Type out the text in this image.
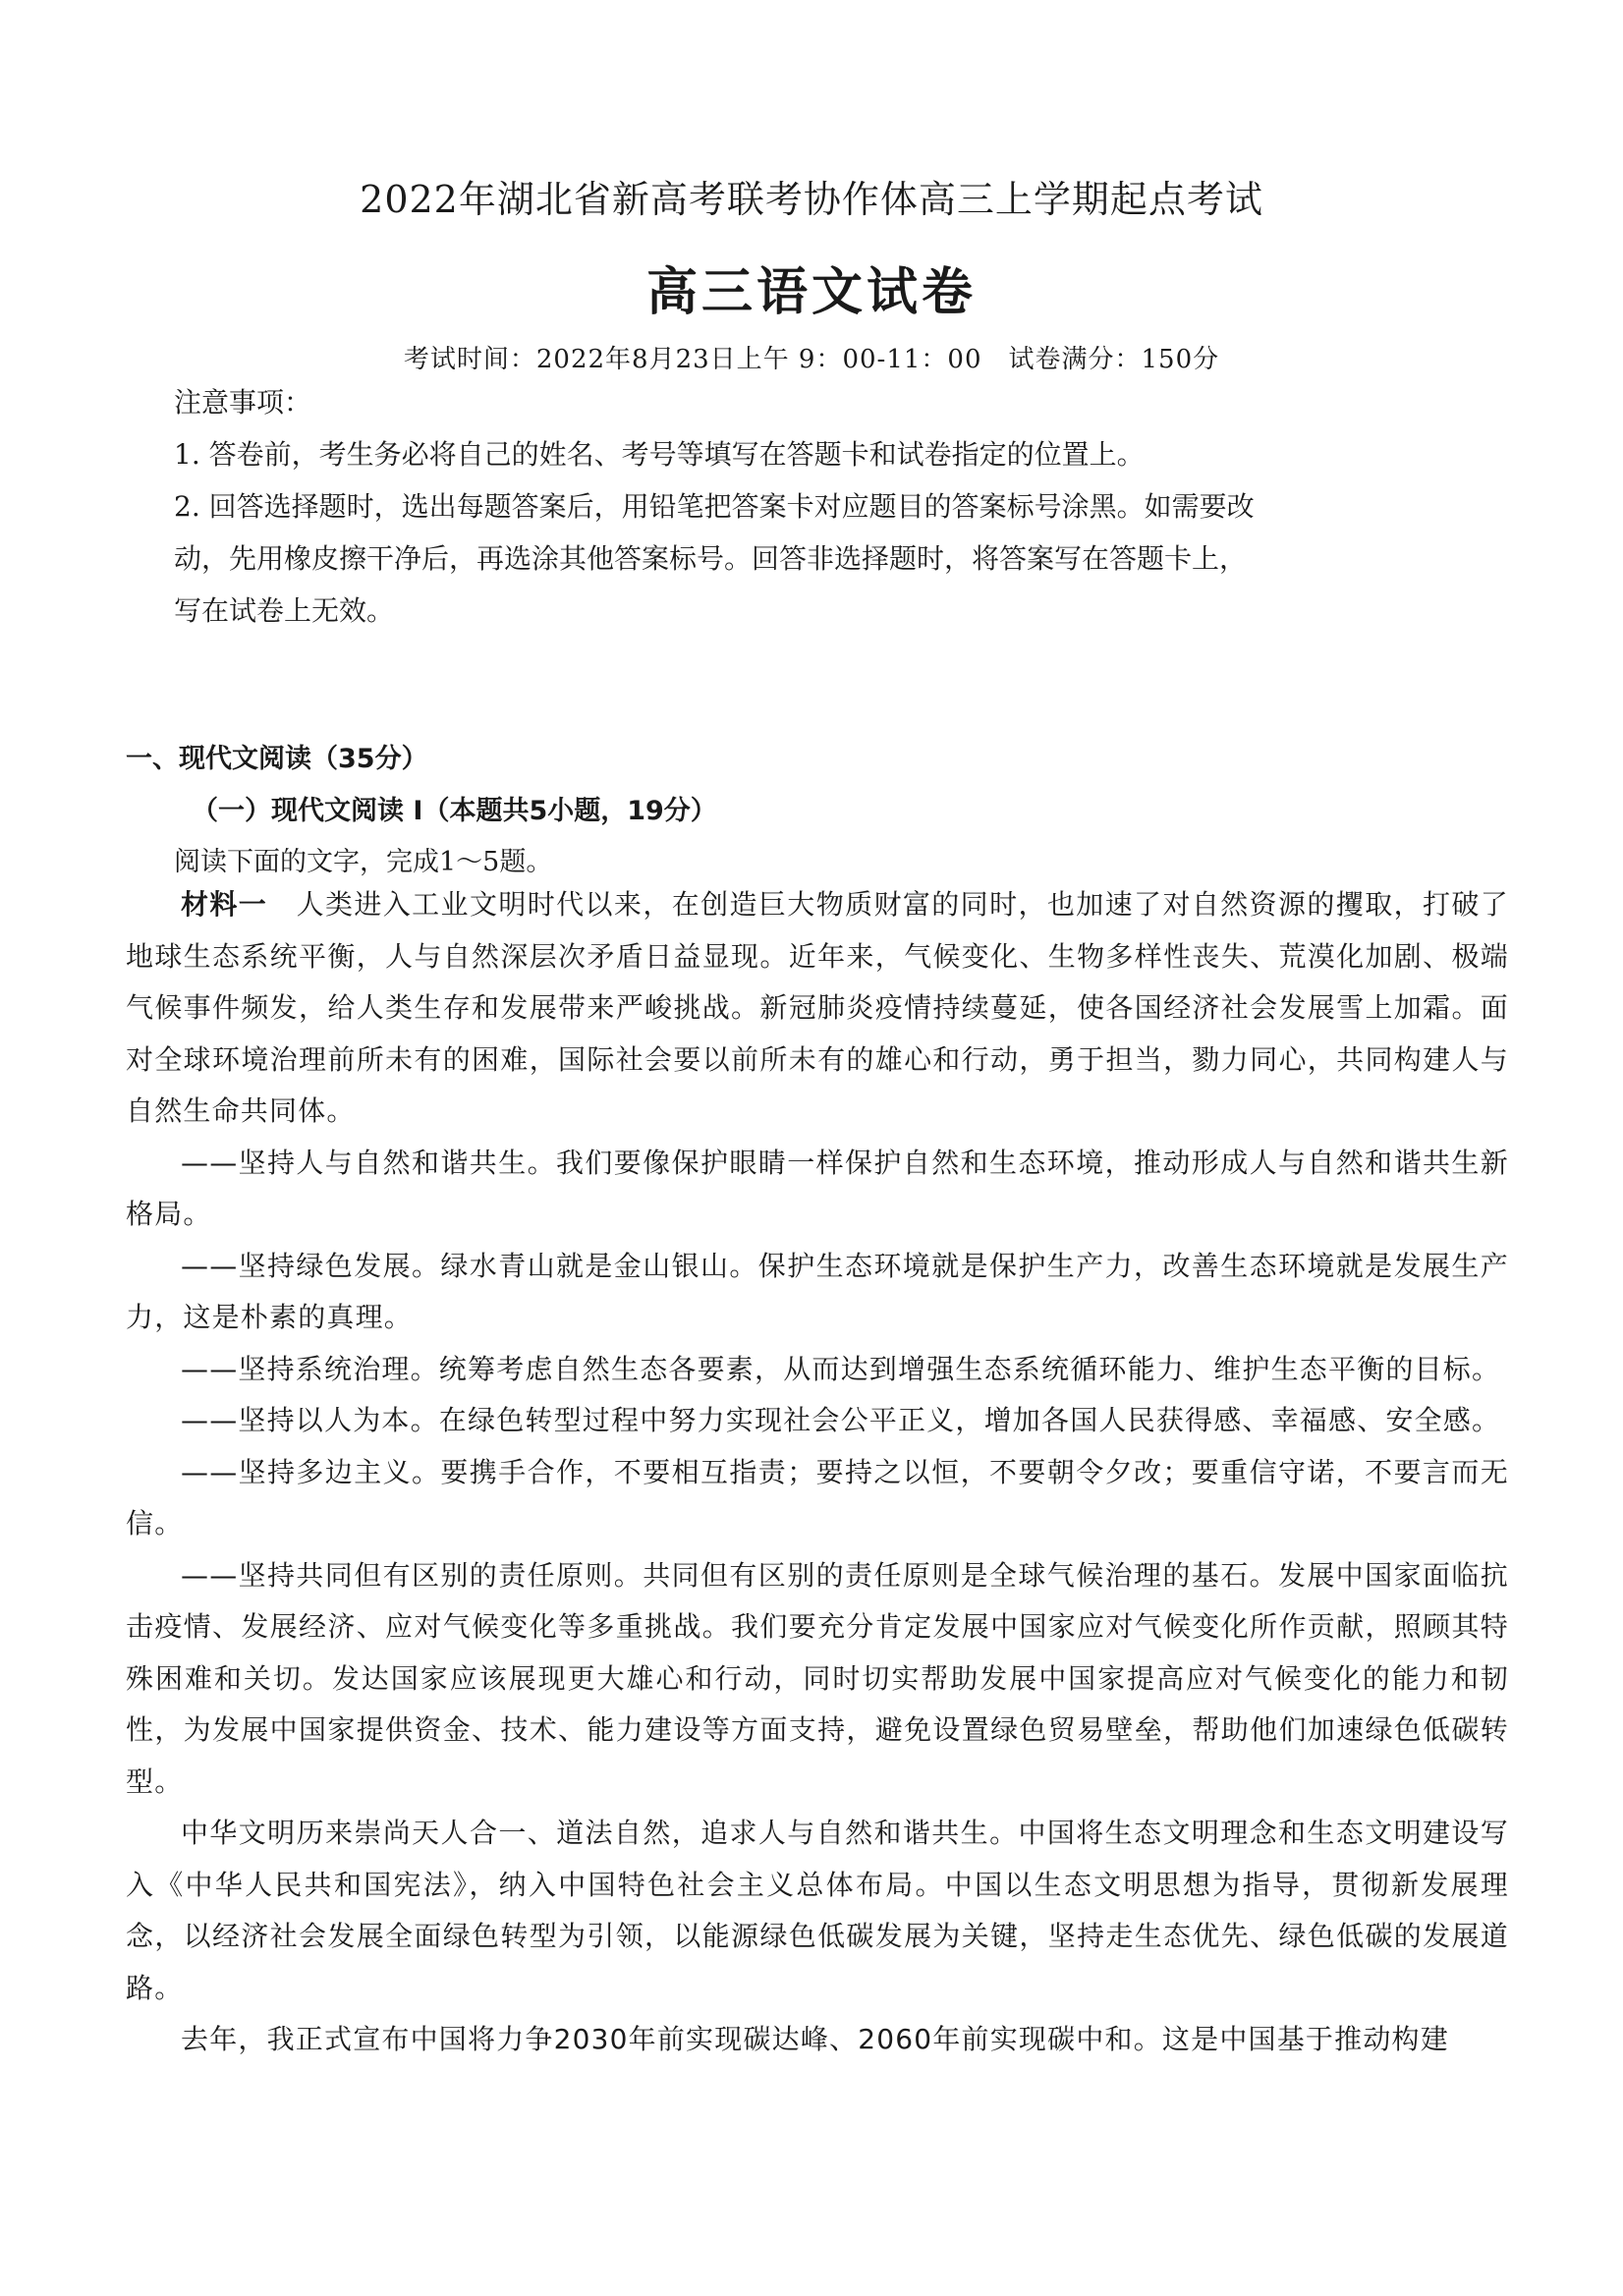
2022年湖北省新高考联考协作体高三上学期起点考试
高三语文试卷
考试时间：2022年8月23日上午 9：00-11：00　试卷满分：150分
注意事项：
1. 答卷前，考生务必将自己的姓名、考号等填写在答题卡和试卷指定的位置上。
2. 回答选择题时，选出每题答案后，用铅笔把答案卡对应题目的答案标号涂黑。如需要改
动，先用橡皮擦干净后，再选涂其他答案标号。回答非选择题时，将答案写在答题卡上，
写在试卷上无效。
一、现代文阅读（35分）
（一）现代文阅读 I（本题共5小题，19分）
阅读下面的文字，完成1～5题。

材料一　人类进入工业文明时代以来，在创造巨大物质财富的同时，也加速了对自然资源的攫取，打破了地球生态系统平衡，人与自然深层次矛盾日益显现。近年来，气候变化、生物多样性丧失、荒漠化加剧、极端气候事件频发，给人类生存和发展带来严峻挑战。新冠肺炎疫情持续蔓延，使各国经济社会发展雪上加霜。面对全球环境治理前所未有的困难，国际社会要以前所未有的雄心和行动，勇于担当，勠力同心，共同构建人与自然生命共同体。

——坚持人与自然和谐共生。我们要像保护眼睛一样保护自然和生态环境，推动形成人与自然和谐共生新格局。

——坚持绿色发展。绿水青山就是金山银山。保护生态环境就是保护生产力，改善生态环境就是发展生产力，这是朴素的真理。

——坚持系统治理。统筹考虑自然生态各要素，从而达到增强生态系统循环能力、维护生态平衡的目标。

——坚持以人为本。在绿色转型过程中努力实现社会公平正义，增加各国人民获得感、幸福感、安全感。

——坚持多边主义。要携手合作，不要相互指责；要持之以恒，不要朝令夕改；要重信守诺，不要言而无信。

——坚持共同但有区别的责任原则。共同但有区别的责任原则是全球气候治理的基石。发展中国家面临抗击疫情、发展经济、应对气候变化等多重挑战。我们要充分肯定发展中国家应对气候变化所作贡献，照顾其特殊困难和关切。发达国家应该展现更大雄心和行动，同时切实帮助发展中国家提高应对气候变化的能力和韧性，为发展中国家提供资金、技术、能力建设等方面支持，避免设置绿色贸易壁垒，帮助他们加速绿色低碳转型。

中华文明历来崇尚天人合一、道法自然，追求人与自然和谐共生。中国将生态文明理念和生态文明建设写入《中华人民共和国宪法》，纳入中国特色社会主义总体布局。中国以生态文明思想为指导，贯彻新发展理念，以经济社会发展全面绿色转型为引领，以能源绿色低碳发展为关键，坚持走生态优先、绿色低碳的发展道路。

去年，我正式宣布中国将力争2030年前实现碳达峰、2060年前实现碳中和。这是中国基于推动构建
